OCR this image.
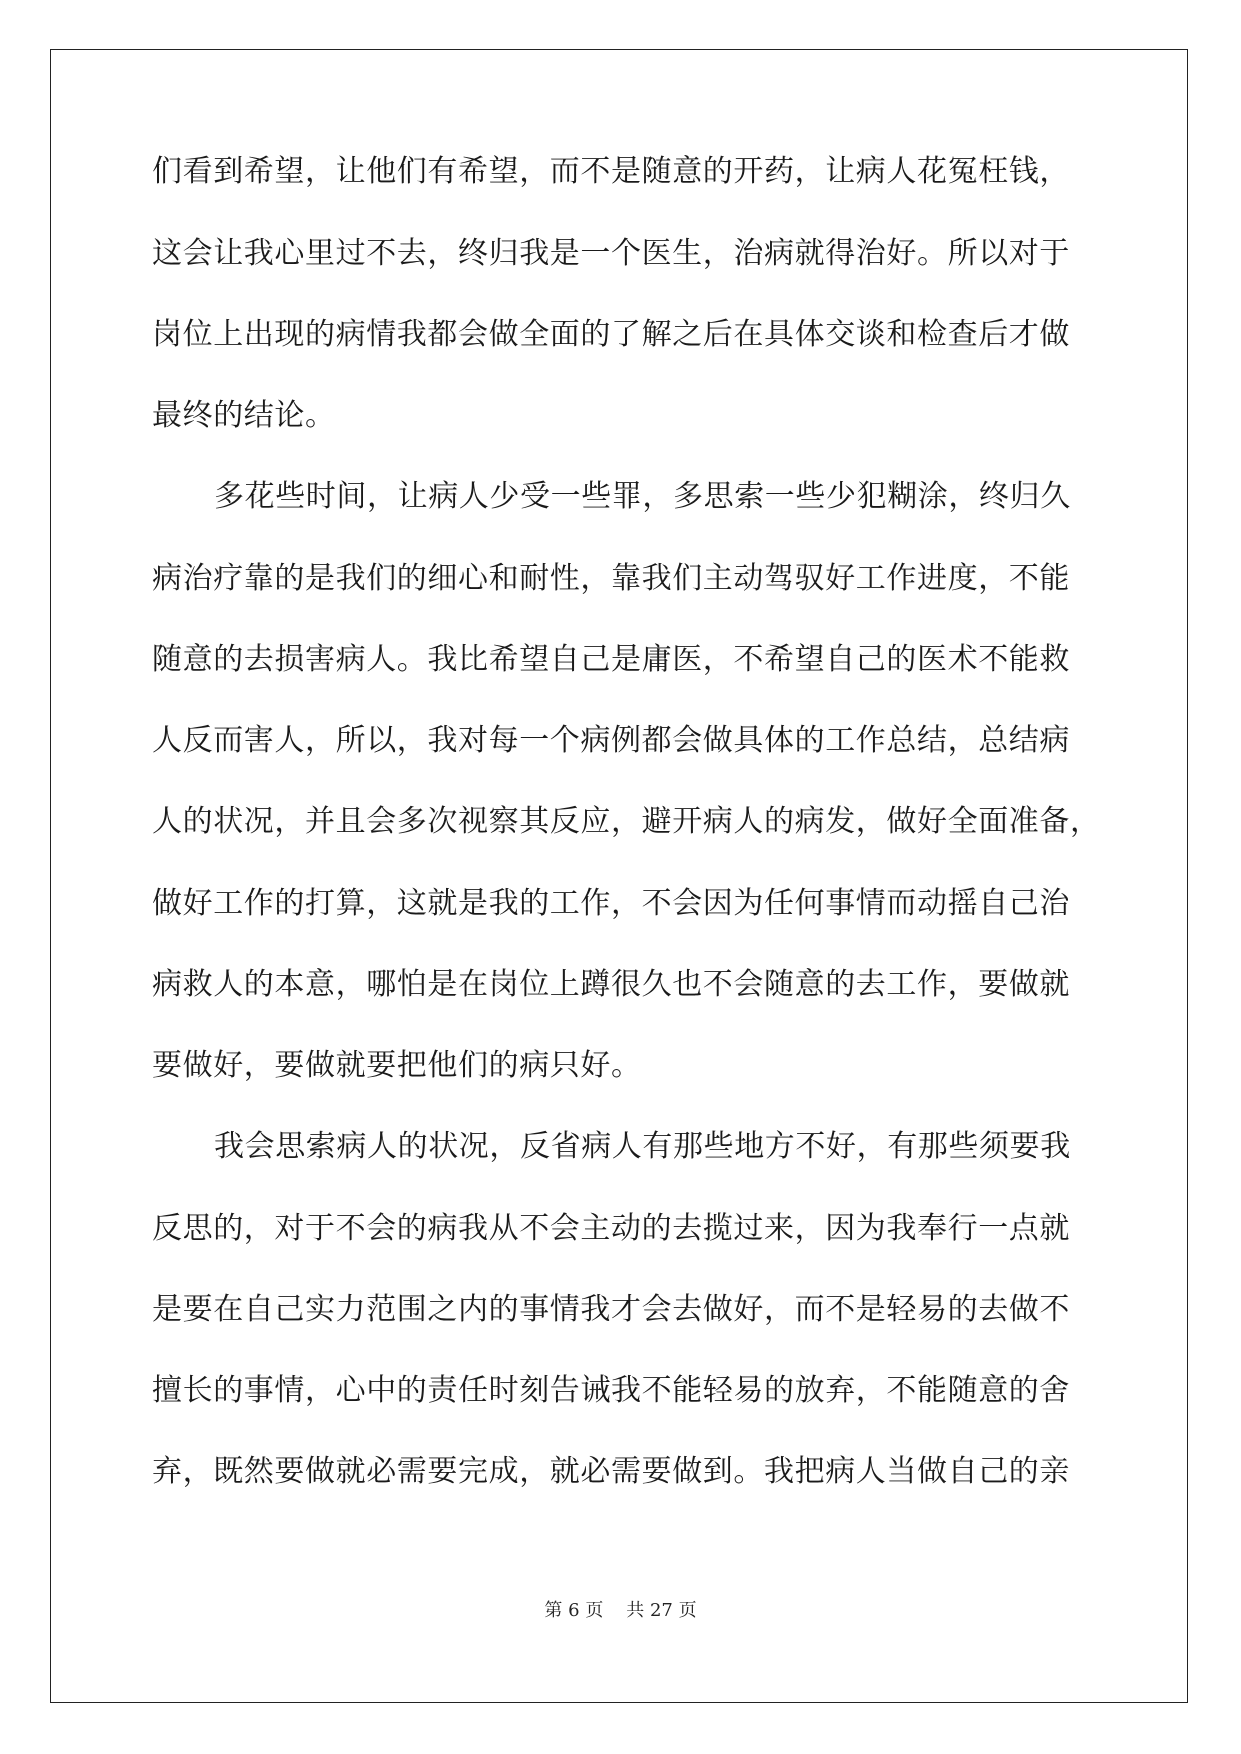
们看到希望，让他们有希望，而不是随意的开药，让病人花冤枉钱，
这会让我心里过不去，终归我是一个医生，治病就得治好。所以对于
岗位上出现的病情我都会做全面的了解之后在具体交谈和检查后才做
最终的结论。
多花些时间，让病人少受一些罪，多思索一些少犯糊涂，终归久
病治疗靠的是我们的细心和耐性，靠我们主动驾驭好工作进度，不能
随意的去损害病人。我比希望自己是庸医，不希望自己的医术不能救
人反而害人，所以，我对每一个病例都会做具体的工作总结，总结病
人的状况，并且会多次视察其反应，避开病人的病发，做好全面准备，
做好工作的打算，这就是我的工作，不会因为任何事情而动摇自己治
病救人的本意，哪怕是在岗位上蹲很久也不会随意的去工作，要做就
要做好，要做就要把他们的病只好。
我会思索病人的状况，反省病人有那些地方不好，有那些须要我
反思的，对于不会的病我从不会主动的去揽过来，因为我奉行一点就
是要在自己实力范围之内的事情我才会去做好，而不是轻易的去做不
擅长的事情，心中的责任时刻告诫我不能轻易的放弃，不能随意的舍
弃，既然要做就必需要完成，就必需要做到。我把病人当做自己的亲
第 6 页 共 27 页
